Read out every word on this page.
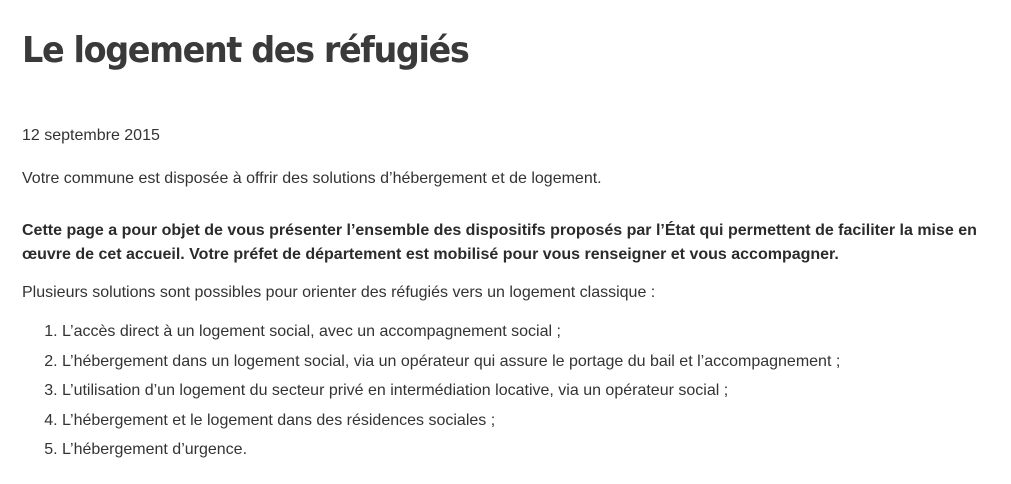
Le logement des réfugiés
12 septembre 2015
Votre commune est disposée à offrir des solutions d’hébergement et de logement.

Cette page a pour objet de vous présenter l’ensemble des dispositifs proposés par l’État qui permettent de faciliter la mise en œuvre de cet accueil. Votre préfet de département est mobilisé pour vous renseigner et vous accompagner.

Plusieurs solutions sont possibles pour orienter des réfugiés vers un logement classique :
1. L’accès direct à un logement social, avec un accompagnement social ;
2. L’hébergement dans un logement social, via un opérateur qui assure le portage du bail et l’accompagnement ;
3. L’utilisation d’un logement du secteur privé en intermédiation locative, via un opérateur social ;
4. L’hébergement et le logement dans des résidences sociales ;
5. L’hébergement d’urgence.
